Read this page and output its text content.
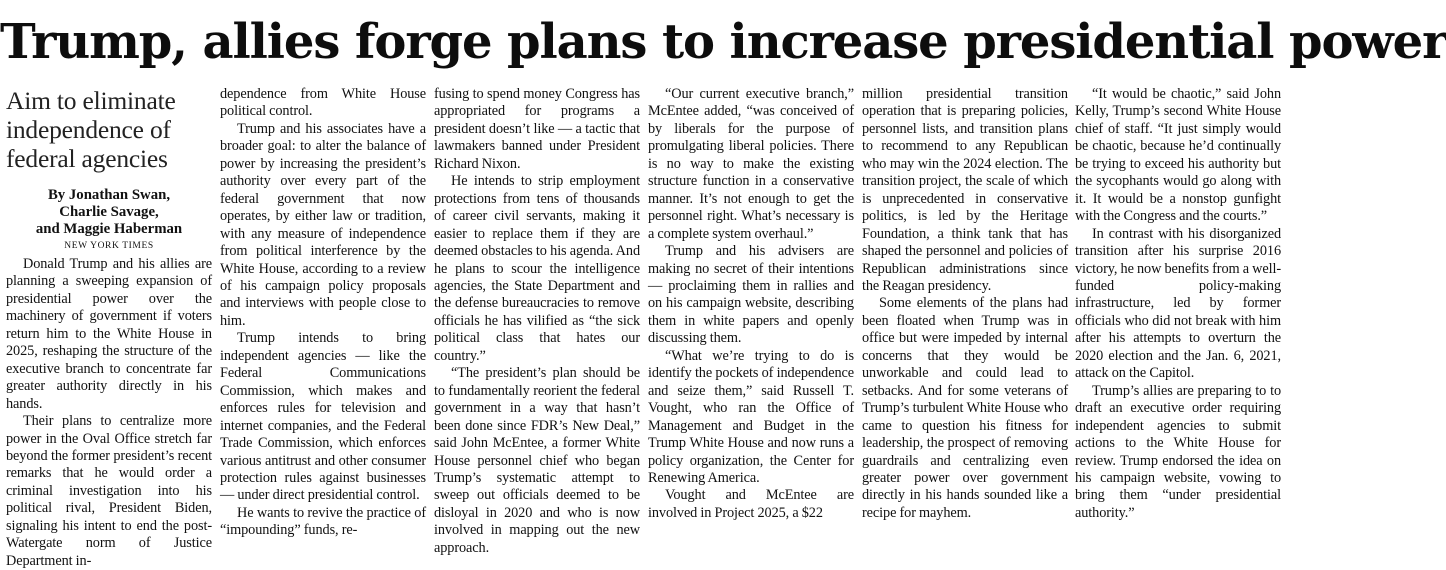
Trump, allies forge plans to increase presidential power
Aim to eliminate independence of federal agencies
By Jonathan Swan,
Charlie Savage,
and Maggie Haberman
NEW YORK TIMES

Donald Trump and his allies are planning a sweeping expansion of presidential power over the machinery of government if voters return him to the White House in 2025, reshaping the structure of the executive branch to concentrate far greater authority directly in his hands.

Their plans to centralize more power in the Oval Office stretch far beyond the former president’s recent remarks that he would order a criminal investigation into his political rival, President Biden, signaling his intent to end the post-Watergate norm of Justice Department in-

dependence from White House political control.

Trump and his associates have a broader goal: to alter the balance of power by increasing the president’s authority over every part of the federal government that now operates, by either law or tradition, with any measure of independence from political interference by the White House, according to a review of his campaign policy proposals and interviews with people close to him.

Trump intends to bring independent agencies — like the Federal Communications Commission, which makes and enforces rules for television and internet companies, and the Federal Trade Commission, which enforces various antitrust and other consumer protection rules against businesses — under direct presidential control.

He wants to revive the practice of “impounding” funds, re-

fusing to spend money Congress has appropriated for programs a president doesn’t like — a tactic that lawmakers banned under President Richard Nixon.

He intends to strip employment protections from tens of thousands of career civil servants, making it easier to replace them if they are deemed obstacles to his agenda. And he plans to scour the intelligence agencies, the State Department and the defense bureaucracies to remove officials he has vilified as “the sick political class that hates our country.”

“The president’s plan should be to fundamentally reorient the federal government in a way that hasn’t been done since FDR’s New Deal,” said John McEntee, a former White House personnel chief who began Trump’s systematic attempt to sweep out officials deemed to be disloyal in 2020 and who is now involved in mapping out the new approach.

“Our current executive branch,” McEntee added, “was conceived of by liberals for the purpose of promulgating liberal policies. There is no way to make the existing structure function in a conservative manner. It’s not enough to get the personnel right. What’s necessary is a complete system overhaul.”

Trump and his advisers are making no secret of their intentions — proclaiming them in rallies and on his campaign website, describing them in white papers and openly discussing them.

“What we’re trying to do is identify the pockets of independence and seize them,” said Russell T. Vought, who ran the Office of Management and Budget in the Trump White House and now runs a policy organization, the Center for Renewing America.

Vought and McEntee are involved in Project 2025, a $22

million presidential transition operation that is preparing policies, personnel lists, and transition plans to recommend to any Republican who may win the 2024 election. The transition project, the scale of which is unprecedented in conservative politics, is led by the Heritage Foundation, a think tank that has shaped the personnel and policies of Republican administrations since the Reagan presidency.

Some elements of the plans had been floated when Trump was in office but were impeded by internal concerns that they would be unworkable and could lead to setbacks. And for some veterans of Trump’s turbulent White House who came to question his fitness for leadership, the prospect of removing guardrails and centralizing even greater power over government directly in his hands sounded like a recipe for mayhem.

“It would be chaotic,” said John Kelly, Trump’s second White House chief of staff. “It just simply would be chaotic, because he’d continually be trying to exceed his authority but the sycophants would go along with it. It would be a nonstop gunfight with the Congress and the courts.”

In contrast with his disorganized transition after his surprise 2016 victory, he now benefits from a well-funded policy-making infrastructure, led by former officials who did not break with him after his attempts to overturn the 2020 election and the Jan. 6, 2021, attack on the Capitol.

Trump’s allies are preparing to to draft an executive order requiring independent agencies to submit actions to the White House for review. Trump endorsed the idea on his campaign website, vowing to bring them “under presidential authority.”
